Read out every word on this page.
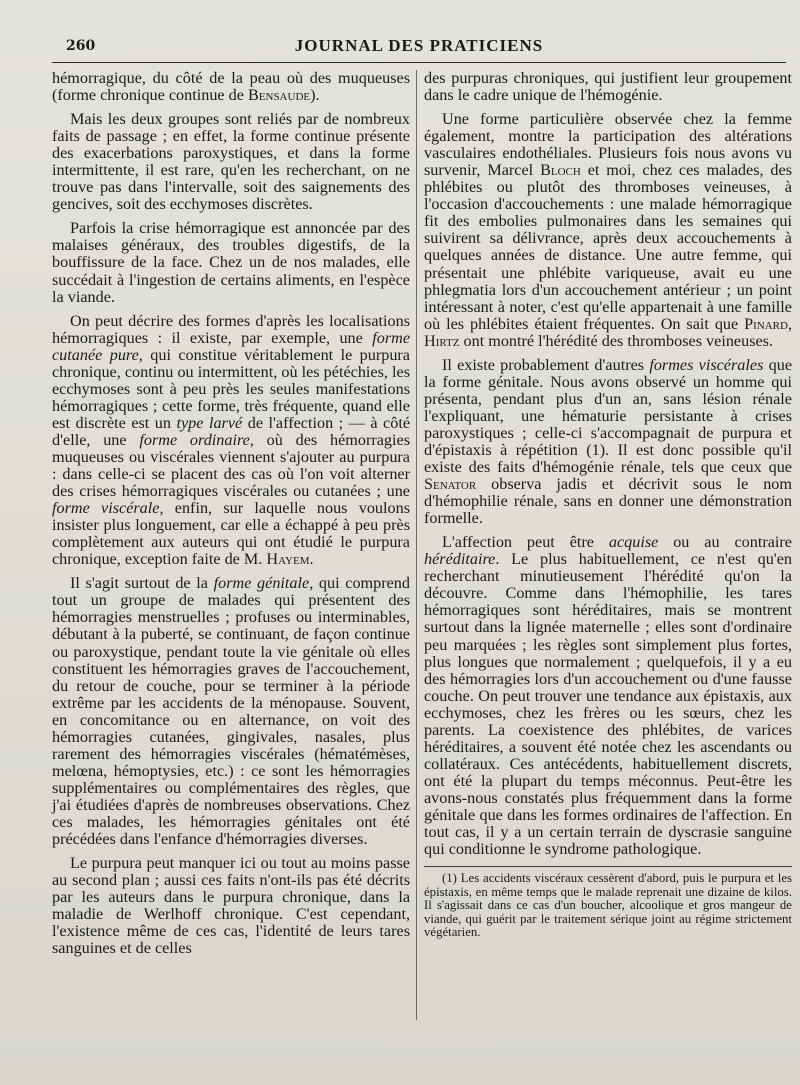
260	JOURNAL DES PRATICIENS

hémorragique, du côté de la peau où des muqueuses (forme chronique continue de Bensaude).

Mais les deux groupes sont reliés par de nombreux faits de passage ; en effet, la forme continue présente des exacerbations paroxystiques, et dans la forme intermittente, il est rare, qu'en les recherchant, on ne trouve pas dans l'intervalle, soit des saignements des gencives, soit des ecchymoses discrètes.

Parfois la crise hémorragique est annoncée par des malaises généraux, des troubles digestifs, de la bouffissure de la face. Chez un de nos malades, elle succédait à l'ingestion de certains aliments, en l'espèce la viande.

On peut décrire des formes d'après les localisations hémorragiques : il existe, par exemple, une forme cutanée pure, qui constitue véritablement le purpura chronique, continu ou intermittent, où les pétéchies, les ecchymoses sont à peu près les seules manifestations hémorragiques ; cette forme, très fréquente, quand elle est discrète est un type larvé de l'affection ; — à côté d'elle, une forme ordinaire, où des hémorragies muqueuses ou viscérales viennent s'ajouter au purpura : dans celle-ci se placent des cas où l'on voit alterner des crises hémorragiques viscérales ou cutanées ; une forme viscérale, enfin, sur laquelle nous voulons insister plus longuement, car elle a échappé à peu près complètement aux auteurs qui ont étudié le purpura chronique, exception faite de M. Hayem.

Il s'agit surtout de la forme génitale, qui comprend tout un groupe de malades qui présentent des hémorragies menstruelles ; profuses ou interminables, débutant à la puberté, se continuant, de façon continue ou paroxystique, pendant toute la vie génitale où elles constituent les hémorragies graves de l'accouchement, du retour de couche, pour se terminer à la période extrême par les accidents de la ménopause. Souvent, en concomitance ou en alternance, on voit des hémorragies cutanées, gingivales, nasales, plus rarement des hémorragies viscérales (hématémèses, melœna, hémoptysies, etc.) : ce sont les hémorragies supplémentaires ou complémentaires des règles, que j'ai étudiées d'après de nombreuses observations. Chez ces malades, les hémorragies génitales ont été précédées dans l'enfance d'hémorragies diverses.

Le purpura peut manquer ici ou tout au moins passe au second plan ; aussi ces faits n'ont-ils pas été décrits par les auteurs dans le purpura chronique, dans la maladie de Werlhoff chronique. C'est cependant, l'existence même de ces cas, l'identité de leurs tares sanguines et de celles

des purpuras chroniques, qui justifient leur groupement dans le cadre unique de l'hémogénie.

Une forme particulière observée chez la femme également, montre la participation des altérations vasculaires endothéliales. Plusieurs fois nous avons vu survenir, Marcel Bloch et moi, chez ces malades, des phlébites ou plutôt des thromboses veineuses, à l'occasion d'accouchements : une malade hémorragique fit des embolies pulmonaires dans les semaines qui suivirent sa délivrance, après deux accouchements à quelques années de distance. Une autre femme, qui présentait une phlébite variqueuse, avait eu une phlegmatia lors d'un accouchement antérieur ; un point intéressant à noter, c'est qu'elle appartenait à une famille où les phlébites étaient fréquentes. On sait que Pinard, Hirtz ont montré l'hérédité des thromboses veineuses.

Il existe probablement d'autres formes viscérales que la forme génitale. Nous avons observé un homme qui présenta, pendant plus d'un an, sans lésion rénale l'expliquant, une hématurie persistante à crises paroxystiques ; celle-ci s'accompagnait de purpura et d'épistaxis à répétition (1). Il est donc possible qu'il existe des faits d'hémogénie rénale, tels que ceux que Senator observa jadis et décrivit sous le nom d'hémophilie rénale, sans en donner une démonstration formelle.

L'affection peut être acquise ou au contraire héréditaire. Le plus habituellement, ce n'est qu'en recherchant minutieusement l'hérédité qu'on la découvre. Comme dans l'hémophilie, les tares hémorragiques sont héréditaires, mais se montrent surtout dans la lignée maternelle ; elles sont d'ordinaire peu marquées ; les règles sont simplement plus fortes, plus longues que normalement ; quelquefois, il y a eu des hémorragies lors d'un accouchement ou d'une fausse couche. On peut trouver une tendance aux épistaxis, aux ecchymoses, chez les frères ou les sœurs, chez les parents. La coexistence des phlébites, de varices héréditaires, a souvent été notée chez les ascendants ou collatéraux. Ces antécédents, habituellement discrets, ont été la plupart du temps méconnus. Peut-être les avons-nous constatés plus fréquemment dans la forme génitale que dans les formes ordinaires de l'affection. En tout cas, il y a un certain terrain de dyscrasie sanguine qui conditionne le syndrome pathologique.

(1) Les accidents viscéraux cessèrent d'abord, puis le purpura et les épistaxis, en même temps que le malade reprenait une dizaine de kilos. Il s'agissait dans ce cas d'un boucher, alcoolique et gros mangeur de viande, qui guérit par le traitement sérique joint au régime strictement végétarien.
